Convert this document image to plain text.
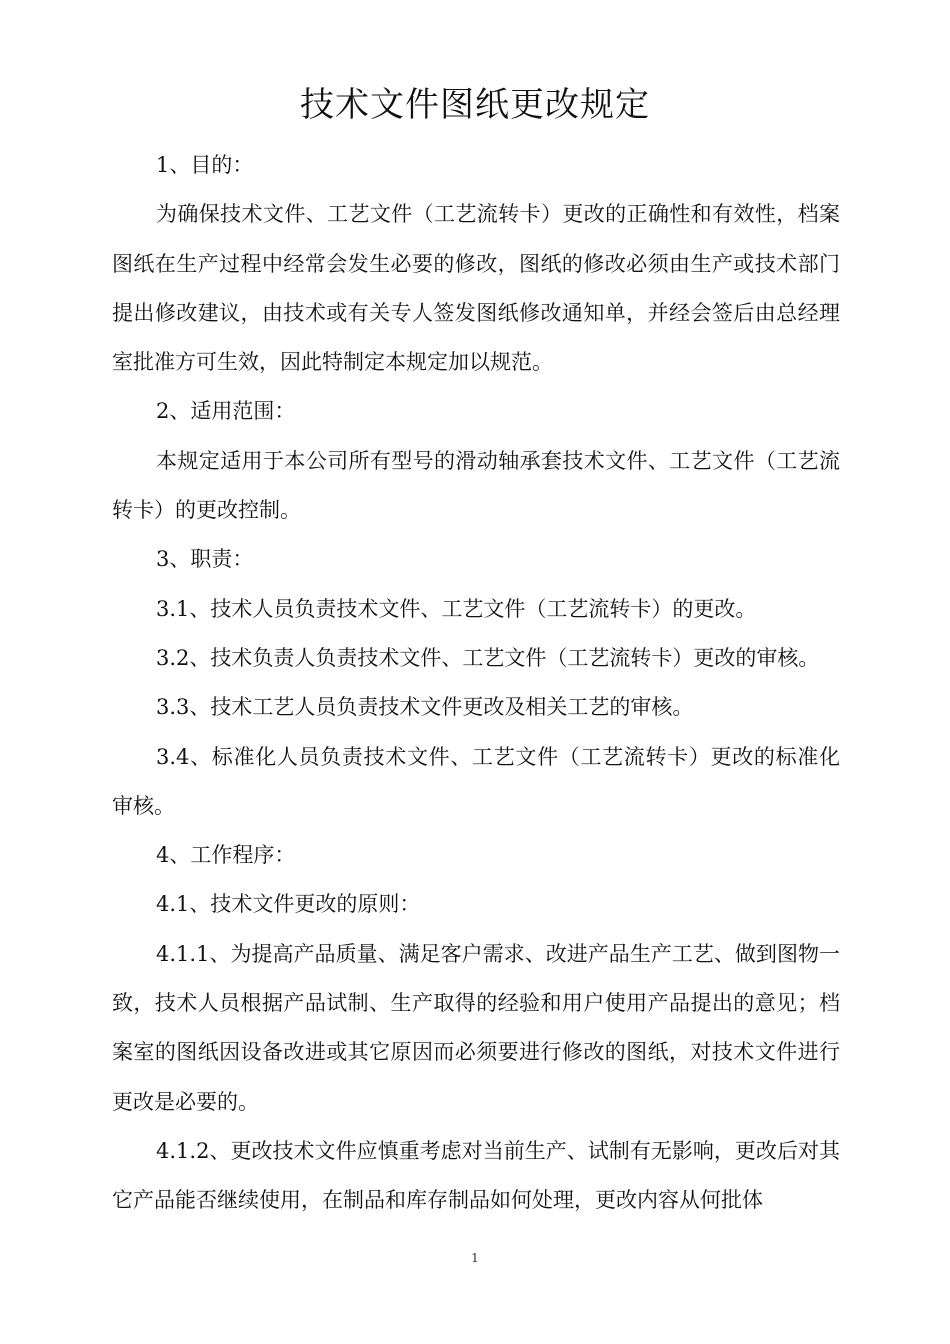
技术文件图纸更改规定

1、目的：

为确保技术文件、工艺文件（工艺流转卡）更改的正确性和有效性，档案图纸在生产过程中经常会发生必要的修改，图纸的修改必须由生产或技术部门提出修改建议，由技术或有关专人签发图纸修改通知单，并经会签后由总经理室批准方可生效，因此特制定本规定加以规范。

2、适用范围：

本规定适用于本公司所有型号的滑动轴承套技术文件、工艺文件（工艺流转卡）的更改控制。

3、职责：

3.1、技术人员负责技术文件、工艺文件（工艺流转卡）的更改。

3.2、技术负责人负责技术文件、工艺文件（工艺流转卡）更改的审核。

3.3、技术工艺人员负责技术文件更改及相关工艺的审核。

3.4、标准化人员负责技术文件、工艺文件（工艺流转卡）更改的标准化审核。

4、工作程序：

4.1、技术文件更改的原则：

4.1.1、为提高产品质量、满足客户需求、改进产品生产工艺、做到图物一致，技术人员根据产品试制、生产取得的经验和用户使用产品提出的意见；档案室的图纸因设备改进或其它原因而必须要进行修改的图纸，对技术文件进行更改是必要的。

4.1.2、更改技术文件应慎重考虑对当前生产、试制有无影响，更改后对其它产品能否继续使用，在制品和库存制品如何处理，更改内容从何批体

1
